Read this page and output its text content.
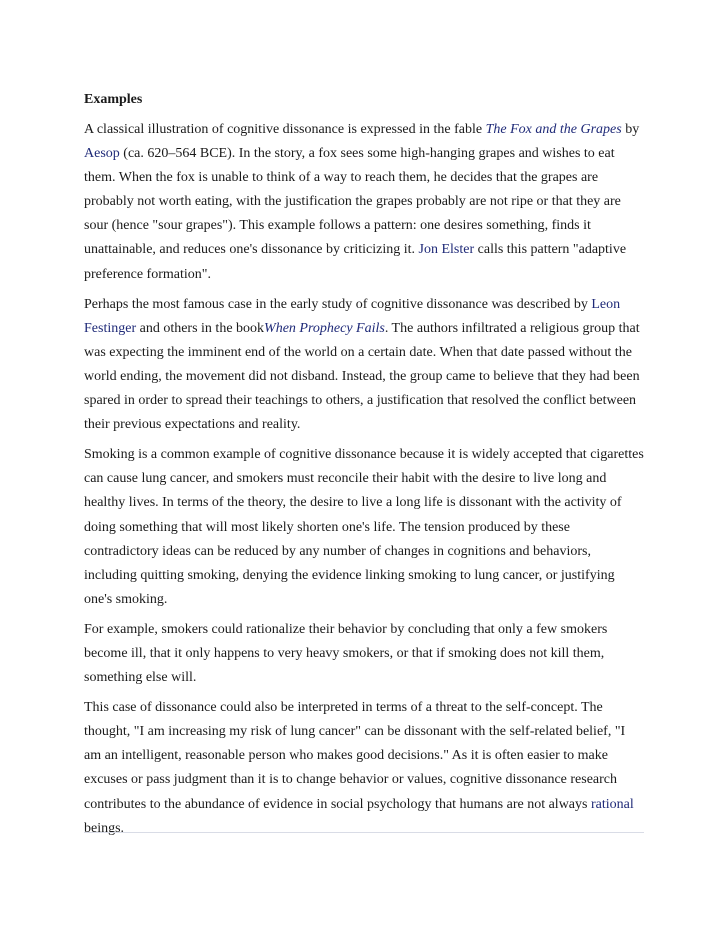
Examples

A classical illustration of cognitive dissonance is expressed in the fable The Fox and the Grapes by Aesop (ca. 620–564 BCE). In the story, a fox sees some high-hanging grapes and wishes to eat them. When the fox is unable to think of a way to reach them, he decides that the grapes are probably not worth eating, with the justification the grapes probably are not ripe or that they are sour (hence "sour grapes"). This example follows a pattern: one desires something, finds it unattainable, and reduces one's dissonance by criticizing it. Jon Elster calls this pattern "adaptive preference formation".

Perhaps the most famous case in the early study of cognitive dissonance was described by Leon Festinger and others in the bookWhen Prophecy Fails. The authors infiltrated a religious group that was expecting the imminent end of the world on a certain date. When that date passed without the world ending, the movement did not disband. Instead, the group came to believe that they had been spared in order to spread their teachings to others, a justification that resolved the conflict between their previous expectations and reality.

Smoking is a common example of cognitive dissonance because it is widely accepted that cigarettes can cause lung cancer, and smokers must reconcile their habit with the desire to live long and healthy lives. In terms of the theory, the desire to live a long life is dissonant with the activity of doing something that will most likely shorten one's life. The tension produced by these contradictory ideas can be reduced by any number of changes in cognitions and behaviors, including quitting smoking, denying the evidence linking smoking to lung cancer, or justifying one's smoking.

For example, smokers could rationalize their behavior by concluding that only a few smokers become ill, that it only happens to very heavy smokers, or that if smoking does not kill them, something else will.

This case of dissonance could also be interpreted in terms of a threat to the self-concept. The thought, "I am increasing my risk of lung cancer" can be dissonant with the self-related belief, "I am an intelligent, reasonable person who makes good decisions." As it is often easier to make excuses or pass judgment than it is to change behavior or values, cognitive dissonance research contributes to the abundance of evidence in social psychology that humans are not always rational beings.
